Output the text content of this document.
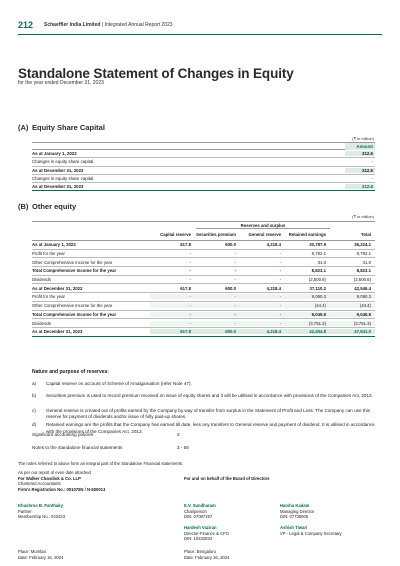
212	Schaeffler India Limited | Integrated Annual Report 2023
Standalone Statement of Changes in Equity
for the year ended December 31, 2023
(A) Equity Share Capital
(₹ in million)
Amount
As at January 1, 2022	312.6
Changes in equity share capital	-
As at December 31, 2022	312.6
Changes in equity share capital	-
As at December 31, 2023	312.6
(B) Other equity
(₹ in million)
Reserves and surplus
Capital reserve	Securities premium	General reserve	Retained earnings	Total
As at January 1, 2022	617.8	600.0	4,218.4	30,787.9	36,224.1
Profit for the year	-	-	-	8,792.1	8,792.1
Other Comprehensive Income for the year	-	-	-	31.0	31.0
Total Comprehensive Income for the year	-	-	-	8,823.1	8,823.1
Dividends	-	-	-	(2,500.8)	(2,500.8)
As at December 31, 2022	617.8	600.0	4,218.4	37,110.2	42,546.4
Profit for the year	-	-	-	9,090.3	9,090.3
Other Comprehensive Income for the year	-	-	-	(44.4)	(44.4)
Total Comprehensive Income for the year	-	-	-	9,045.9	9,045.9
Dividends	-	-	-	(3,751.3)	(3,751.3)
As at December 31, 2023	617.8	600.0	4,218.4	42,404.8	47,841.0
Nature and purpose of reserves:
a)	Capital reserve on account of Scheme of Amalgamation (refer Note 47).
b)	Securities premium is used to record premium received on issue of equity shares and it will be utilised in accordance with provisions of the Companies Act, 2013.
c)	General reserve is created out of profits earned by the Company by way of transfer from surplus in the Statement of Profit and Loss. The Company can use this reserve for payment of dividends and/or issue of fully paid-up shares.
d)	Retained earnings are the profits that the Company has earned till date, less any transfers to General reserve and payment of dividend. It is utilised in accordance with the provisions of the Companies Act, 2013.
Significant accounting policies	2
Notes to the standalone financial statements	3 - 56
The notes referred to above form an integral part of the Standalone Financial statements.
As per our report of even date attached
For Walker Chandiok & Co. LLP
Chartered Accountants
Firm's Registration No.: 001076N / N-500013
For and on behalf of the Board of Directors
Khushroo B. Panthaky
Partner
Membership No.: 042423
E.V. Sundharam
Chairperson
DIN: 07087197
Harsha Kadam
Managing Director
DIN: 07736005
Hardesh Vaziran
Director-Finance & CFO
DIN: 10232834
Ashish Tiwari
VP - Legal & Company Secretary
Place: Mumbai
Date: February 16, 2024
Place: Bengaluru
Date: February 16, 2024
